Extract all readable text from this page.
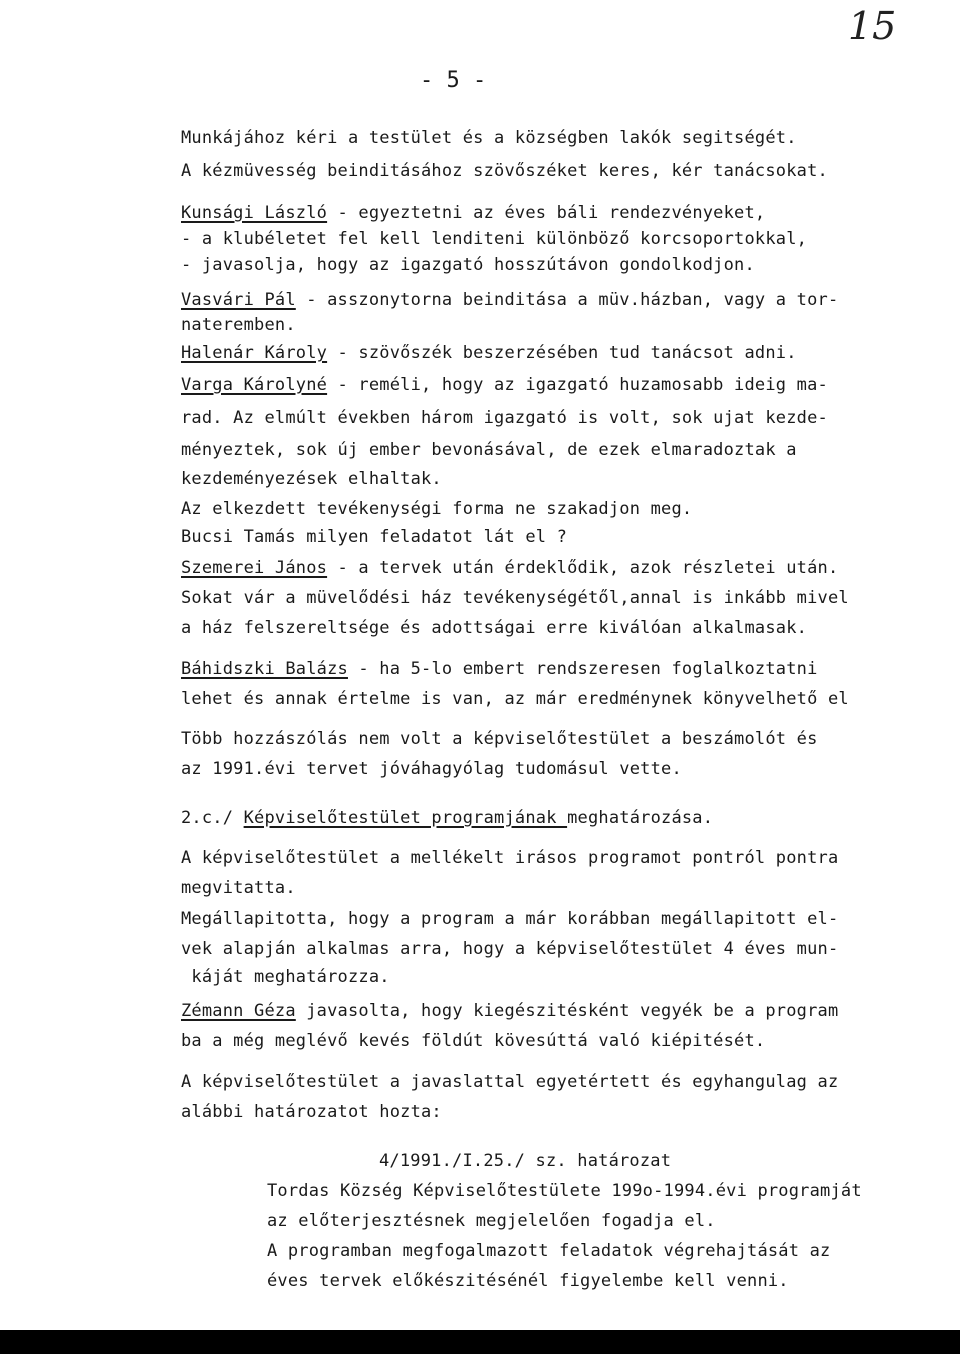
15
- 5 -
Munkájához kéri a testület és a községben lakók segitségét.
A kézmüvesség beinditásához szövőszéket keres, kér tanácsokat.
Kunsági László - egyeztetni az éves báli rendezvényeket,
- a klubéletet fel kell lenditeni különböző korcsoportokkal,
- javasolja, hogy az igazgató hosszútávon gondolkodjon.
Vasvári Pál - asszonytorna beinditása a müv.házban, vagy a tor-
nateremben.
Halenár Károly - szövőszék beszerzésében tud tanácsot adni.
Varga Károlyné - reméli, hogy az igazgató huzamosabb ideig ma-
rad. Az elmúlt években három igazgató is volt, sok ujat kezde-
ményeztek, sok új ember bevonásával, de ezek elmaradoztak a
kezdeményezések elhaltak.
Az elkezdett tevékenységi forma ne szakadjon meg.
Bucsi Tamás milyen feladatot lát el ?
Szemerei János - a tervek után érdeklődik, azok részletei után.
Sokat vár a müvelődési ház tevékenységétől,annal is inkább mivel
a ház felszereltsége és adottságai erre kiválóan alkalmasak.
Báhidszki Balázs - ha 5-lo embert rendszeresen foglalkoztatni
lehet és annak értelme is van, az már eredménynek könyvelhető el
Több hozzászólás nem volt a képviselőtestület a beszámolót és
az 1991.évi tervet jóváhagyólag tudomásul vette.
2.c./ Képviselőtestület programjának meghatározása.
A képviselőtestület a mellékelt irásos programot pontról pontra
megvitatta.
Megállapitotta, hogy a program a már korábban megállapitott el-
vek alapján alkalmas arra, hogy a képviselőtestület 4 éves mun-
káját meghatározza.
Zémann Géza javasolta, hogy kiegészitésként vegyék be a program
ba a még meglévő kevés földút kövesúttá való kiépitését.
A képviselőtestület a javaslattal egyetértett és egyhangulag az
alábbi határozatot hozta:
4/1991./I.25./ sz. határozat
Tordas Község Képviselőtestülete 199o-1994.évi programját
az előterjesztésnek megjelelően fogadja el.
A programban megfogalmazott feladatok végrehajtását az
éves tervek előkészitésénél figyelembe kell venni.
